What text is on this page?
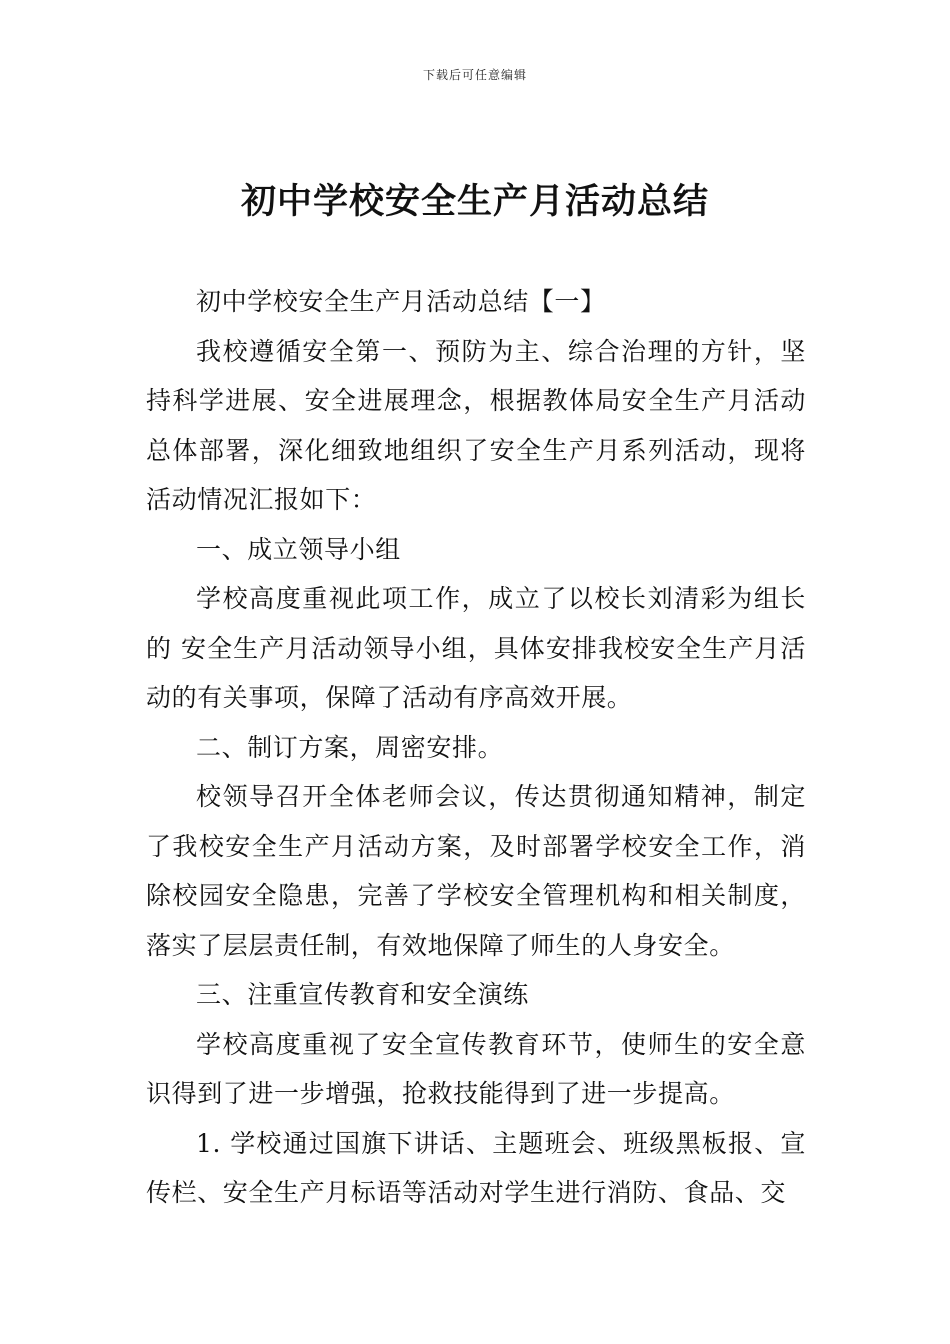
下载后可任意编辑
初中学校安全生产月活动总结

初中学校安全生产月活动总结【一】

我校遵循安全第一、预防为主、综合治理的方针，坚持科学进展、安全进展理念，根据教体局安全生产月活动总体部署，深化细致地组织了安全生产月系列活动，现将活动情况汇报如下：

一、成立领导小组

学校高度重视此项工作，成立了以校长刘清彩为组长的 安全生产月活动领导小组，具体安排我校安全生产月活动的有关事项，保障了活动有序高效开展。

二、制订方案，周密安排。

校领导召开全体老师会议，传达贯彻通知精神，制定了我校安全生产月活动方案，及时部署学校安全工作，消除校园安全隐患，完善了学校安全管理机构和相关制度，落实了层层责任制，有效地保障了师生的人身安全。

三、注重宣传教育和安全演练

学校高度重视了安全宣传教育环节，使师生的安全意识得到了进一步增强，抢救技能得到了进一步提高。

1. 学校通过国旗下讲话、主题班会、班级黑板报、宣传栏、安全生产月标语等活动对学生进行消防、食品、交
